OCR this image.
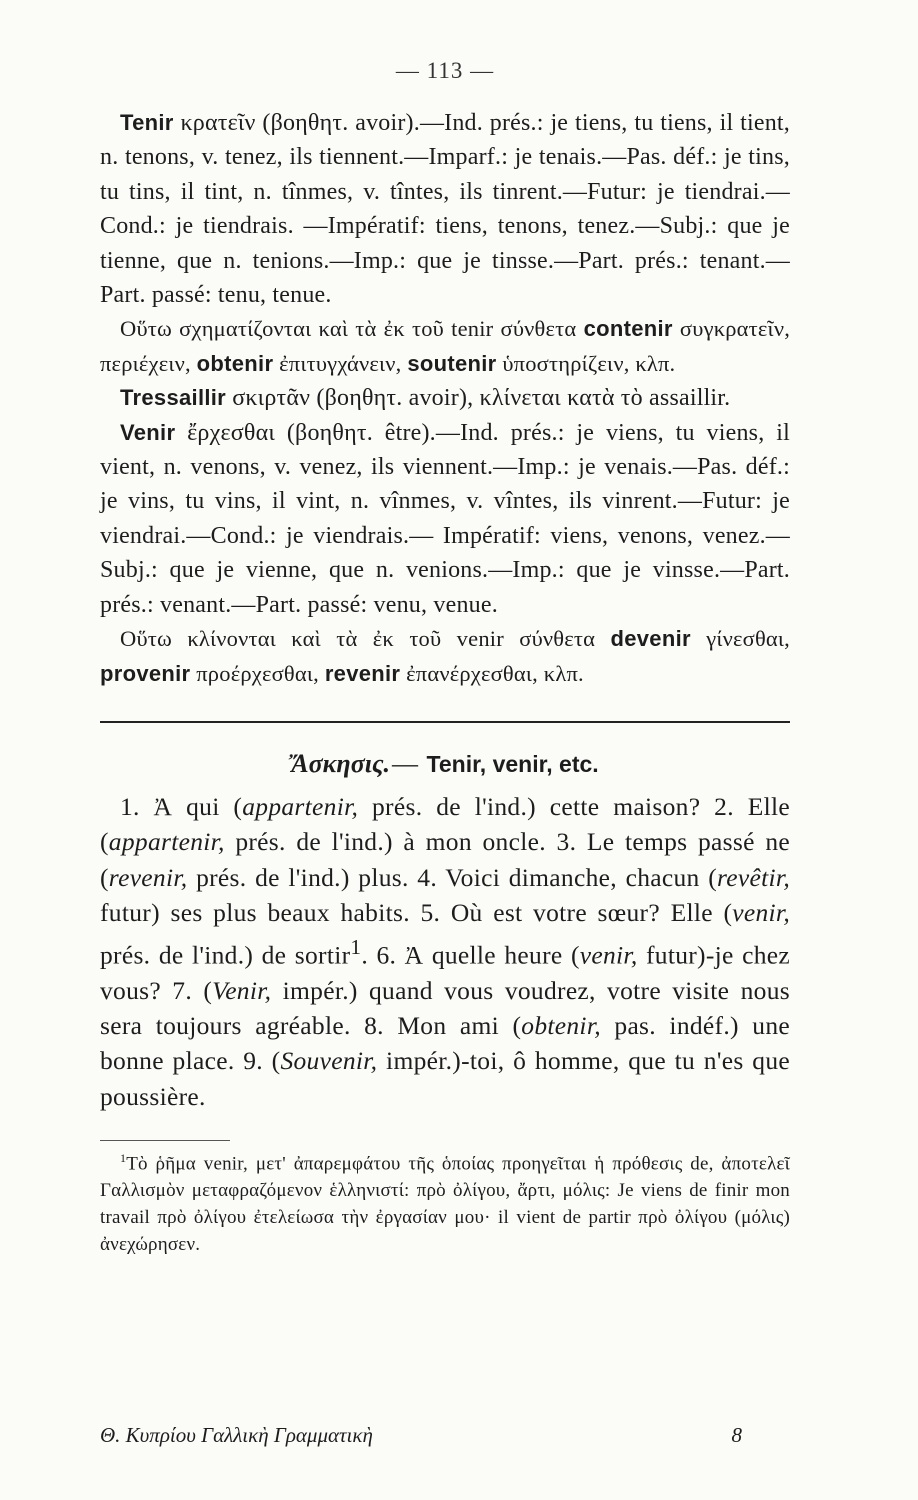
— 113 —

Tenir κρατεῖν (βοηθητ. avoir).—Ind. prés.: je tiens, tu tiens, il tient, n. tenons, v. tenez, ils tiennent.—Imparf.: je tenais.—Pas. déf.: je tins, tu tins, il tint, n. tînmes, v. tîntes, ils tinrent.—Futur: je tiendrai.—Cond.: je tiendrais. —Impératif: tiens, tenons, tenez.—Subj.: que je tienne, que n. tenions.—Imp.: que je tinsse.—Part. prés.: tenant.— Part. passé: tenu, tenue.

Οὕτω σχηματίζονται καὶ τὰ ἐκ τοῦ tenir σύνθετα contenir συγκρατεῖν, περιέχειν, obtenir ἐπιτυγχάνειν, soutenir ὑποστηρίζειν, κλπ.

Tressaillir σκιρτᾶν (βοηθητ. avoir), κλίνεται κατὰ τὸ assaillir.

Venir ἔρχεσθαι (βοηθητ. être).—Ind. prés.: je viens, tu viens, il vient, n. venons, v. venez, ils viennent.—Imp.: je venais.—Pas. déf.: je vins, tu vins, il vint, n. vînmes, v. vîntes, ils vinrent.—Futur: je viendrai.—Cond.: je viendrais.— Impératif: viens, venons, venez.—Subj.: que je vienne, que n. venions.—Imp.: que je vinsse.—Part. prés.: venant.—Part. passé: venu, venue.

Οὕτω κλίνονται καὶ τὰ ἐκ τοῦ venir σύνθετα devenir γίνεσθαι, provenir προέρχεσθαι, revenir ἐπανέρχεσθαι, κλπ.

Ἄσκησις.— Tenir, venir, etc.

1. Ἀ qui (appartenir, prés. de l'ind.) cette maison? 2. Elle (appartenir, prés. de l'ind.) à mon oncle. 3. Le temps passé ne (revenir, prés. de l'ind.) plus. 4. Voici dimanche, chacun (revêtir, futur) ses plus beaux habits. 5. Où est votre sœur? Elle (venir, prés. de l'ind.) de sortir$^1$. 6. Ἀ quelle heure (venir, futur)-je chez vous? 7. (Venir, impér.) quand vous voudrez, votre visite nous sera toujours agréable. 8. Mon ami (obtenir, pas. indéf.) une bonne place. 9. (Souvenir, impér.)-toi, ô homme, que tu n'es que poussière.

$^1$Τὸ ῥῆμα venir, μετ' ἀπαρεμφάτου τῆς ὁποίας προηγεῖται ἡ πρόθεσις de, ἀποτελεῖ Γαλλισμὸν μεταφραζόμενον ἑλληνιστί: πρὸ ὀλίγου, ἄρτι, μόλις: Je viens de finir mon travail πρὸ ὀλίγου ἐτελείωσα τὴν ἐργασίαν μου· il vient de partir πρὸ ὀλίγου (μόλις) ἀνεχώρησεν.

Θ. Κυπρίου Γαλλικὴ Γραμματικὴ	8
